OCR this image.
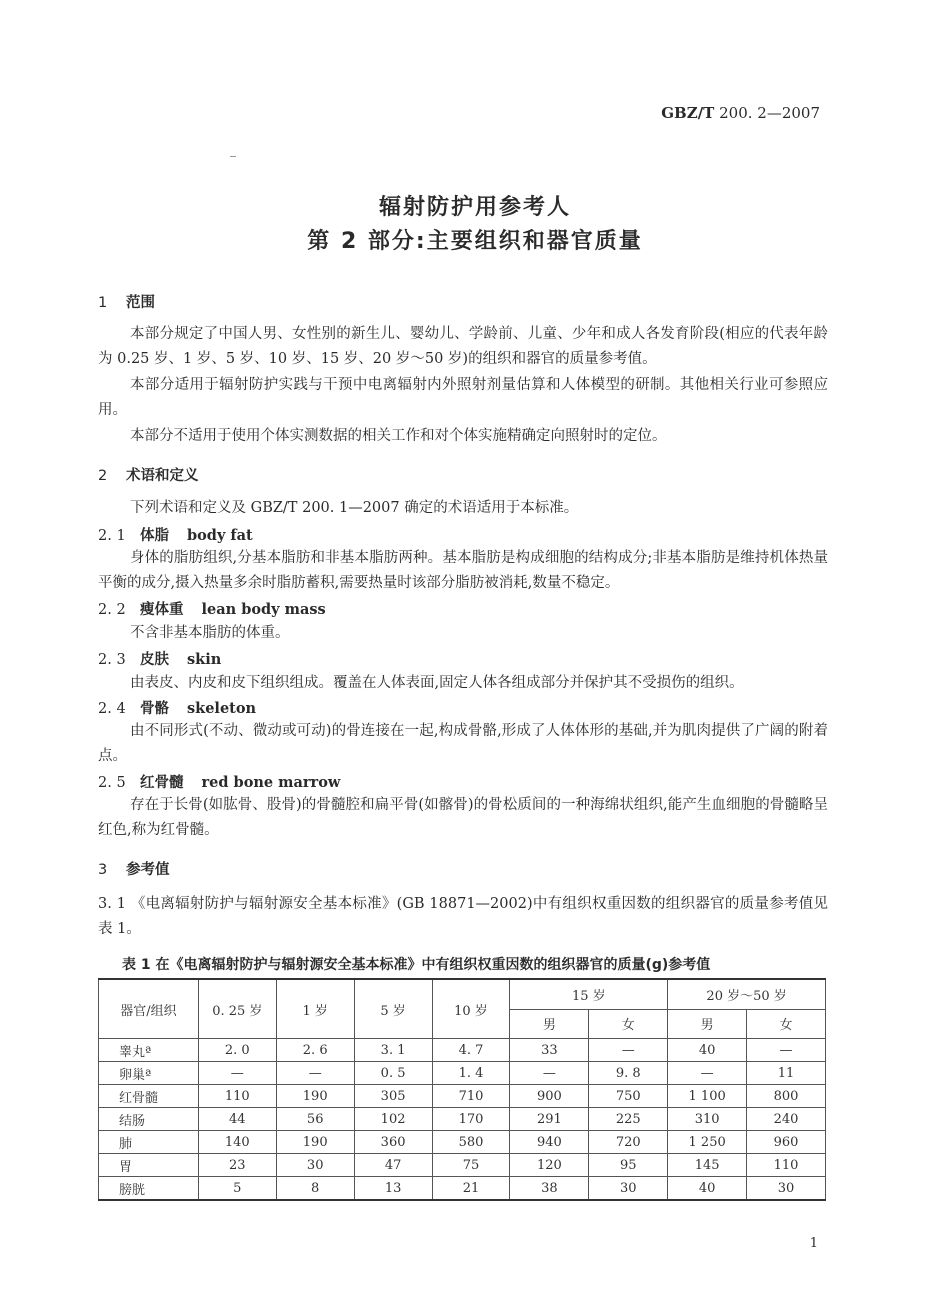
GBZ/T 200. 2—2007
辐射防护用参考人
第 2 部分:主要组织和器官质量
1 范围
本部分规定了中国人男、女性别的新生儿、婴幼儿、学龄前、儿童、少年和成人各发育阶段(相应的代表年龄为 0.25 岁、1 岁、5 岁、10 岁、15 岁、20 岁～50 岁)的组织和器官的质量参考值。
本部分适用于辐射防护实践与干预中电离辐射内外照射剂量估算和人体模型的研制。其他相关行业可参照应用。
本部分不适用于使用个体实测数据的相关工作和对个体实施精确定向照射时的定位。
2 术语和定义
下列术语和定义及 GBZ/T 200. 1—2007 确定的术语适用于本标准。
2. 1 体脂 body fat
身体的脂肪组织,分基本脂肪和非基本脂肪两种。基本脂肪是构成细胞的结构成分;非基本脂肪是维持机体热量平衡的成分,摄入热量多余时脂肪蓄积,需要热量时该部分脂肪被消耗,数量不稳定。
2. 2 瘦体重 lean body mass
不含非基本脂肪的体重。
2. 3 皮肤 skin
由表皮、内皮和皮下组织组成。覆盖在人体表面,固定人体各组成部分并保护其不受损伤的组织。
2. 4 骨骼 skeleton
由不同形式(不动、微动或可动)的骨连接在一起,构成骨骼,形成了人体体形的基础,并为肌肉提供了广阔的附着点。
2. 5 红骨髓 red bone marrow
存在于长骨(如肱骨、股骨)的骨髓腔和扁平骨(如髂骨)的骨松质间的一种海绵状组织,能产生血细胞的骨髓略呈红色,称为红骨髓。
3 参考值
3. 1 《电离辐射防护与辐射源安全基本标准》(GB 18871—2002)中有组织权重因数的组织器官的质量参考值见表 1。
表 1 在《电离辐射防护与辐射源安全基本标准》中有组织权重因数的组织器官的质量(g)参考值
器官/组织	0. 25 岁	1 岁	5 岁	10 岁	15 岁		20 岁～50 岁	
					男	女	男	女
睾丸ª	2. 0	2. 6	3. 1	4. 7	33	—	40	—
卵巢ª	—	—	0. 5	1. 4	—	9. 8	—	11
红骨髓	110	190	305	710	900	750	1 100	800
结肠	44	56	102	170	291	225	310	240
肺	140	190	360	580	940	720	1 250	960
胃	23	30	47	75	120	95	145	110
膀胱	5	8	13	21	38	30	40	30
1
